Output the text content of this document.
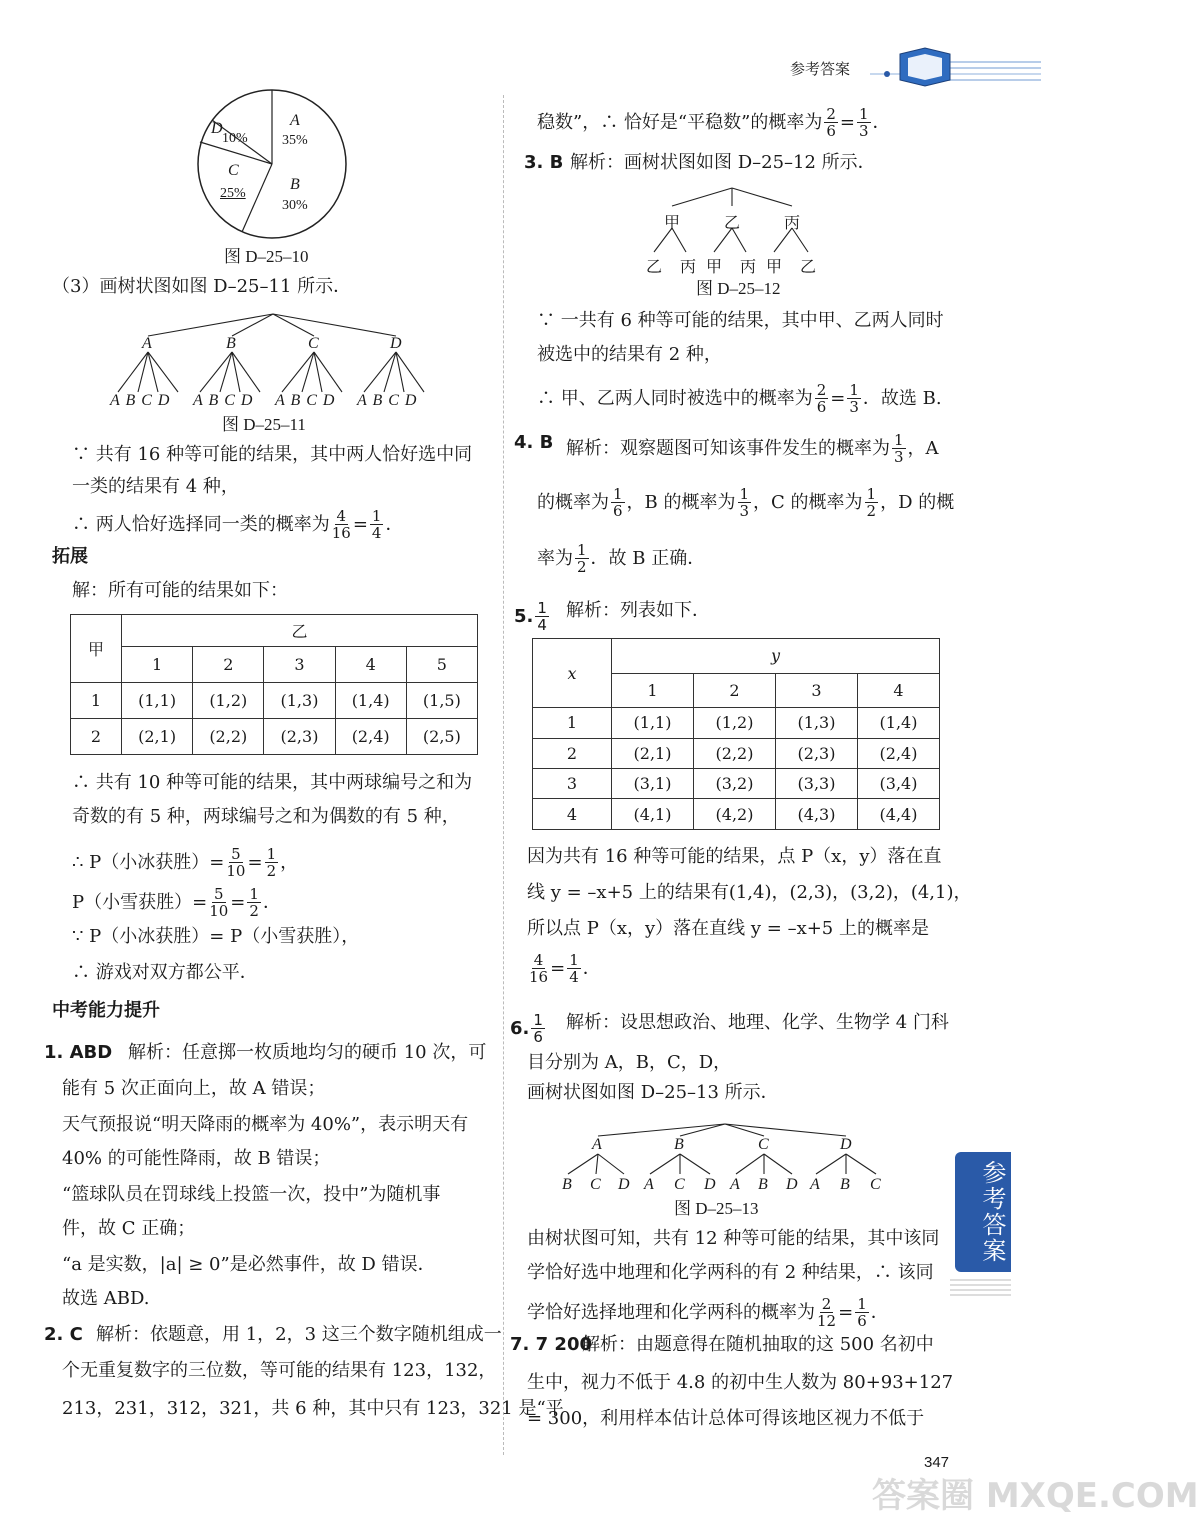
参考答案
A
35%
B
30%
C
25%
D
10%
图 D–25–10
（3）画树状图如图 D–25–11 所示．
A	B	C	D
A B C D A B C D A B C D A B C D
图 D–25–11
∵ 共有 16 种等可能的结果，其中两人恰好选中同
一类的结果有 4 种，
∴ 两人恰好选择同一类的概率为 $\frac{4}{16} = \frac{1}{4}$ ．
拓展
解：所有可能的结果如下：
甲	乙				
	1	2	3	4	5
1	(1,1)	(1,2)	(1,3)	(1,4)	(1,5)
2	(2,1)	(2,2)	(2,3)	(2,4)	(2,5)
∴ 共有 10 种等可能的结果，其中两球编号之和为
奇数的有 5 种，两球编号之和为偶数的有 5 种，
∴ P（小冰获胜）= $\frac{5}{10} = \frac{1}{2}$ ，
P（小雪获胜）= $\frac{5}{10} = \frac{1}{2}$ ．
∵ P（小冰获胜）= P（小雪获胜），
∴ 游戏对双方都公平．
中考能力提升
1. ABD 解析：任意掷一枚质地均匀的硬币 10 次，可
能有 5 次正面向上，故 A 错误；
天气预报说“明天降雨的概率为 40%”，表示明天有
40% 的可能性降雨，故 B 错误；
“篮球队员在罚球线上投篮一次，投中”为随机事
件，故 C 正确；
“a 是实数，|a| ≥ 0”是必然事件，故 D 错误．
故选 ABD.
2. C 解析：依题意，用 1，2，3 这三个数字随机组成一
个无重复数字的三位数，等可能的结果有 123，132，
213，231，312，321，共 6 种，其中只有 123，321 是“平
稳数”，∴ 恰好是“平稳数”的概率为 $\frac{2}{6} = \frac{1}{3}$ ．
3. B 解析：画树状图如图 D–25–12 所示．
甲	乙	丙
乙 丙 甲 丙 甲 乙
图 D–25–12
∵ 一共有 6 种等可能的结果，其中甲、乙两人同时
被选中的结果有 2 种，
∴ 甲、乙两人同时被选中的概率为 $\frac{2}{6} = \frac{1}{3}$ ．故选 B.
4. B 解析：观察题图可知该事件发生的概率为 $\frac{1}{3}$ ，A
的概率为 $\frac{1}{6}$ ，B 的概率为 $\frac{1}{3}$ ，C 的概率为 $\frac{1}{2}$ ，D 的概
率为 $\frac{1}{2}$ ．故 B 正确．
5. $\frac{1}{4}$ 解析：列表如下．
x	y			
	1	2	3	4
1	(1,1)	(1,2)	(1,3)	(1,4)
2	(2,1)	(2,2)	(2,3)	(2,4)
3	(3,1)	(3,2)	(3,3)	(3,4)
4	(4,1)	(4,2)	(4,3)	(4,4)
因为共有 16 种等可能的结果，点 P（x，y）落在直
线 y = –x+5 上的结果有(1,4)，(2,3)，(3,2)，(4,1)，
所以点 P（x，y）落在直线 y = –x+5 上的概率是
$\frac{4}{16} = \frac{1}{4}$ ．
6. $\frac{1}{6}$ 解析：设思想政治、地理、化学、生物学 4 门科
目分别为 A，B，C，D，
画树状图如图 D–25–13 所示．
A	B	C	D
B C D A C D A B D A B C
图 D–25–13
由树状图可知，共有 12 种等可能的结果，其中该同
学恰好选中地理和化学两科的有 2 种结果，∴ 该同
学恰好选择地理和化学两科的概率为 $\frac{2}{12} = \frac{1}{6}$ ．
7. 7 200
解析：由题意得在随机抽取的这 500 名初中
生中，视力不低于 4.8 的初中生人数为 80+93+127
= 300，利用样本估计总体可得该地区视力不低于
参考答案
347
答案圈 MXQE.COM
